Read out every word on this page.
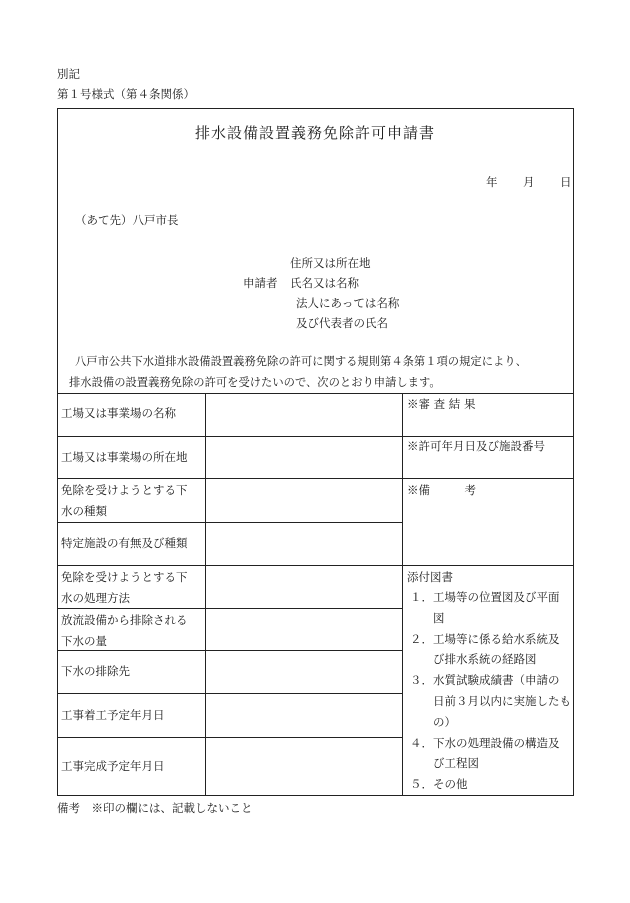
別記
第１号様式（第４条関係）
排水設備設置義務免除許可申請書
年 月 日
（あて先）八戸市長
住所又は所在地
申請者 氏名又は名称
法人にあっては名称
及び代表者の氏名
八戸市公共下水道排水設備設置義務免除の許可に関する規則第４条第１項の規定により、
排水設備の設置義務免除の許可を受けたいので、次のとおり申請します。
工場又は事業場の名称
工場又は事業場の所在地
免除を受けようとする下
水の種類
特定施設の有無及び種類
免除を受けようとする下
水の処理方法
放流設備から排除される
下水の量
下水の排除先
工事着工予定年月日
工事完成予定年月日
※審 査 結 果
※許可年月日及び施設番号
※備　　　考
添付図書
１．工場等の位置図及び平面
　　図
２．工場等に係る給水系統及
　　び排水系統の経路図
３．水質試験成績書（申請の
　　日前３月以内に実施したも
　　の）
４．下水の処理設備の構造及
　　び工程図
５．その他
備考　※印の欄には、記載しないこと
